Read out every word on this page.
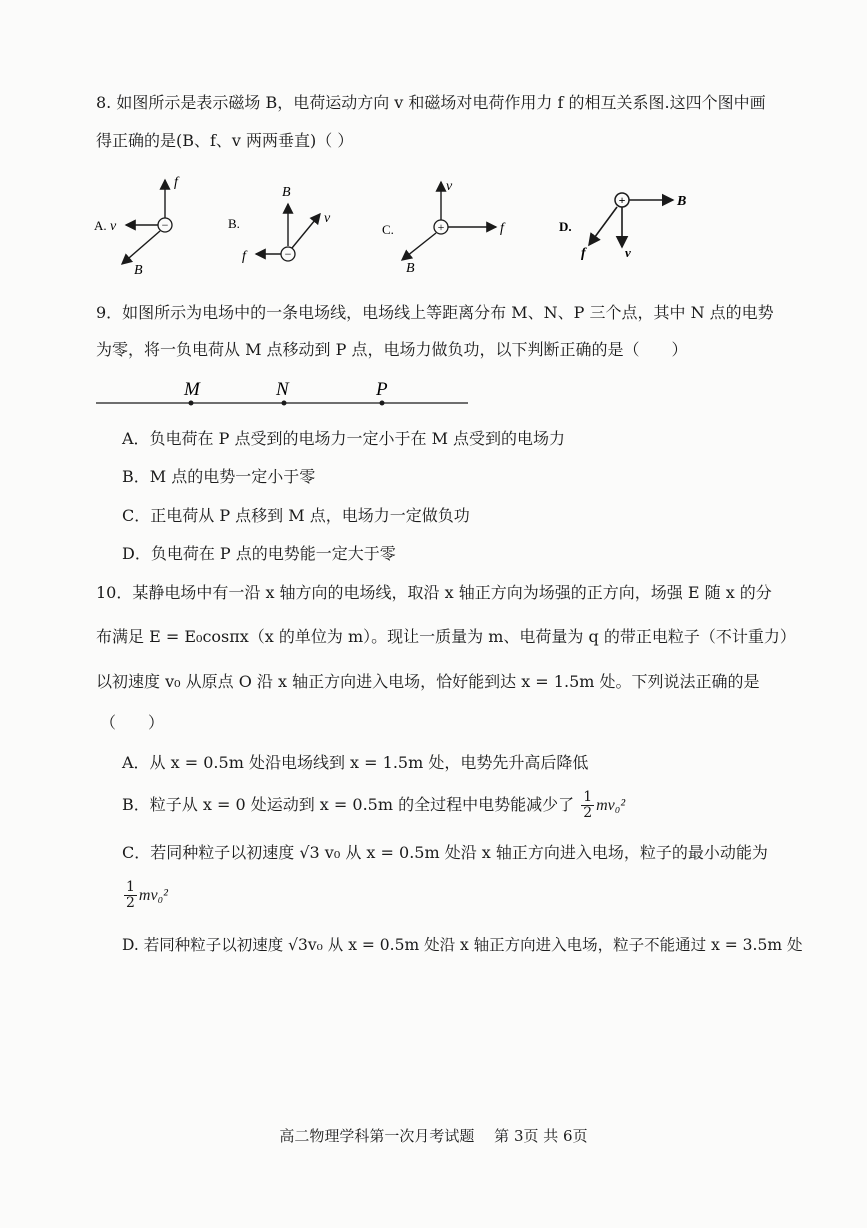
8. 如图所示是表示磁场 B，电荷运动方向 v 和磁场对电荷作用力 f 的相互关系图.这四个图中画
得正确的是(B、f、v 两两垂直)（ ）
A.	−
f
v
B
B.
−
B
v
f
C.	+
v
f
B
D.
+	B
f	v
9．如图所示为电场中的一条电场线，电场线上等距离分布 M、N、P 三个点，其中 N 点的电势
为零，将一负电荷从 M 点移动到 P 点，电场力做负功，以下判断正确的是（　　）
M	N	P
A．负电荷在 P 点受到的电场力一定小于在 M 点受到的电场力
B．M 点的电势一定小于零
C．正电荷从 P 点移到 M 点，电场力一定做负功
D．负电荷在 P 点的电势能一定大于零
10．某静电场中有一沿 x 轴方向的电场线，取沿 x 轴正方向为场强的正方向，场强 E 随 x 的分
布满足 E = E₀cosπx（x 的单位为 m）。现让一质量为 m、电荷量为 q 的带正电粒子（不计重力）
以初速度 v₀ 从原点 O 沿 x 轴正方向进入电场，恰好能到达 x = 1.5m 处。下列说法正确的是
（　　）
A．从 x = 0.5m 处沿电场线到 x = 1.5m 处，电势先升高后降低
B．粒子从 x = 0 处运动到 x = 0.5m 的全过程中电势能减少了 $\frac{1}{2} mv_0^2$
C．若同种粒子以初速度 √3 v₀ 从 x = 0.5m 处沿 x 轴正方向进入电场，粒子的最小动能为
$\frac{1}{2} mv_0^2$
D. 若同种粒子以初速度 √3v₀ 从 x = 0.5m 处沿 x 轴正方向进入电场，粒子不能通过 x = 3.5m 处
高二物理学科第一次月考试题　 第 3页 共 6页
